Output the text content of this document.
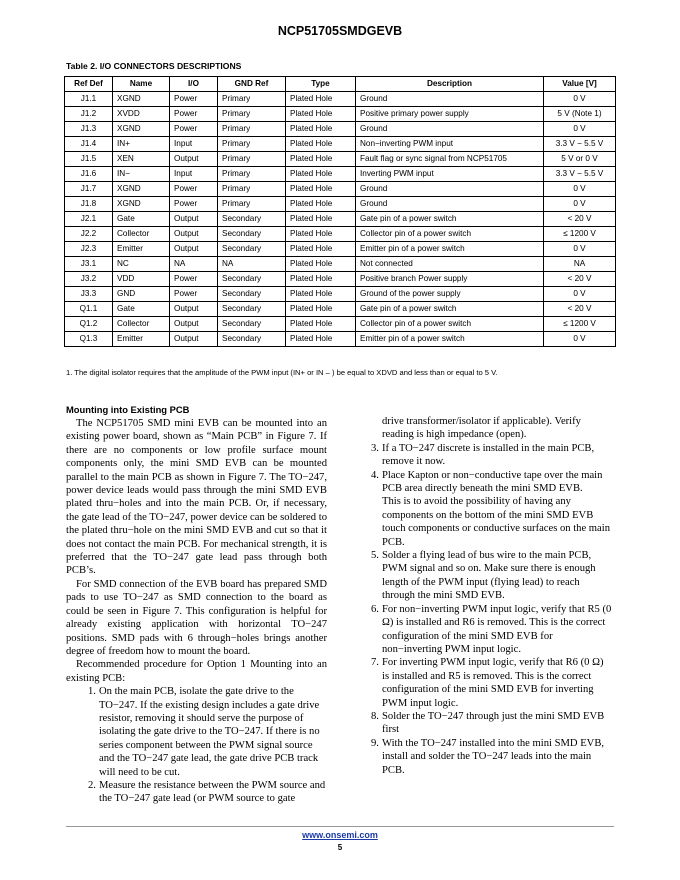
NCP51705SMDGEVB
Table 2. I/O CONNECTORS DESCRIPTIONS
Ref Def	Name	I/O	GND Ref	Type	Description	Value [V]
J1.1	XGND	Power	Primary	Plated Hole	Ground	0 V
J1.2	XVDD	Power	Primary	Plated Hole	Positive primary power supply	5 V (Note 1)
J1.3	XGND	Power	Primary	Plated Hole	Ground	0 V
J1.4	IN+	Input	Primary	Plated Hole	Non−inverting PWM input	3.3 V − 5.5 V
J1.5	XEN	Output	Primary	Plated Hole	Fault flag or sync signal from NCP51705	5 V or 0 V
J1.6	IN−	Input	Primary	Plated Hole	Inverting PWM input	3.3 V − 5.5 V
J1.7	XGND	Power	Primary	Plated Hole	Ground	0 V
J1.8	XGND	Power	Primary	Plated Hole	Ground	0 V
J2.1	Gate	Output	Secondary	Plated Hole	Gate pin of a power switch	< 20 V
J2.2	Collector	Output	Secondary	Plated Hole	Collector pin of a power switch	≤ 1200 V
J2.3	Emitter	Output	Secondary	Plated Hole	Emitter pin of a power switch	0 V
J3.1	NC	NA	NA	Plated Hole	Not connected	NA
J3.2	VDD	Power	Secondary	Plated Hole	Positive branch Power supply	< 20 V
J3.3	GND	Power	Secondary	Plated Hole	Ground of the power supply	0 V
Q1.1	Gate	Output	Secondary	Plated Hole	Gate pin of a power switch	< 20 V
Q1.2	Collector	Output	Secondary	Plated Hole	Collector pin of a power switch	≤ 1200 V
Q1.3	Emitter	Output	Secondary	Plated Hole	Emitter pin of a power switch	0 V
1. The digital isolator requires that the amplitude of the PWM input (IN+ or IN – ) be equal to XDVD and less than or equal to 5 V.
Mounting into Existing PCB

The NCP51705 SMD mini EVB can be mounted into an existing power board, shown as “Main PCB” in Figure 7. If there are no components or low profile surface mount components only, the mini SMD EVB can be mounted parallel to the main PCB as shown in Figure 7. The TO−247, power device leads would pass through the mini SMD EVB plated thru−holes and into the main PCB. Or, if necessary, the gate lead of the TO−247, power device can be soldered to the plated thru−hole on the mini SMD EVB and cut so that it does not contact the main PCB. For mechanical strength, it is preferred that the TO−247 gate lead pass through both PCB’s.

For SMD connection of the EVB board has prepared SMD pads to use TO−247 as SMD connection to the board as could be seen in Figure 7. This configuration is helpful for already existing application with horizontal TO−247 positions. SMD pads with 6 through−holes brings another degree of freedom how to mount the board.

Recommended procedure for Option 1 Mounting into an existing PCB:

1. On the main PCB, isolate the gate drive to the TO−247. If the existing design includes a gate drive resistor, removing it should serve the purpose of isolating the gate drive to the TO−247. If there is no series component between the PWM signal source and the TO−247 gate lead, the gate drive PCB track will need to be cut.
2. Measure the resistance between the PWM source and the TO−247 gate lead (or PWM source to gate
drive transformer/isolator if applicable). Verify reading is high impedance (open).
3. If a TO−247 discrete is installed in the main PCB, remove it now.
4. Place Kapton or non−conductive tape over the main PCB area directly beneath the mini SMD EVB.
This is to avoid the possibility of having any components on the bottom of the mini SMD EVB touch components or conductive surfaces on the main PCB.
5. Solder a flying lead of bus wire to the main PCB, PWM signal and so on. Make sure there is enough length of the PWM input (flying lead) to reach through the mini SMD EVB.
6. For non−inverting PWM input logic, verify that R5 (0 Ω) is installed and R6 is removed. This is the correct configuration of the mini SMD EVB for non−inverting PWM input logic.
7. For inverting PWM input logic, verify that R6 (0 Ω) is installed and R5 is removed. This is the correct configuration of the mini SMD EVB for inverting PWM input logic.
8. Solder the TO−247 through just the mini SMD EVB first
9. With the TO−247 installed into the mini SMD EVB, install and solder the TO−247 leads into the main PCB.
www.onsemi.com
5
